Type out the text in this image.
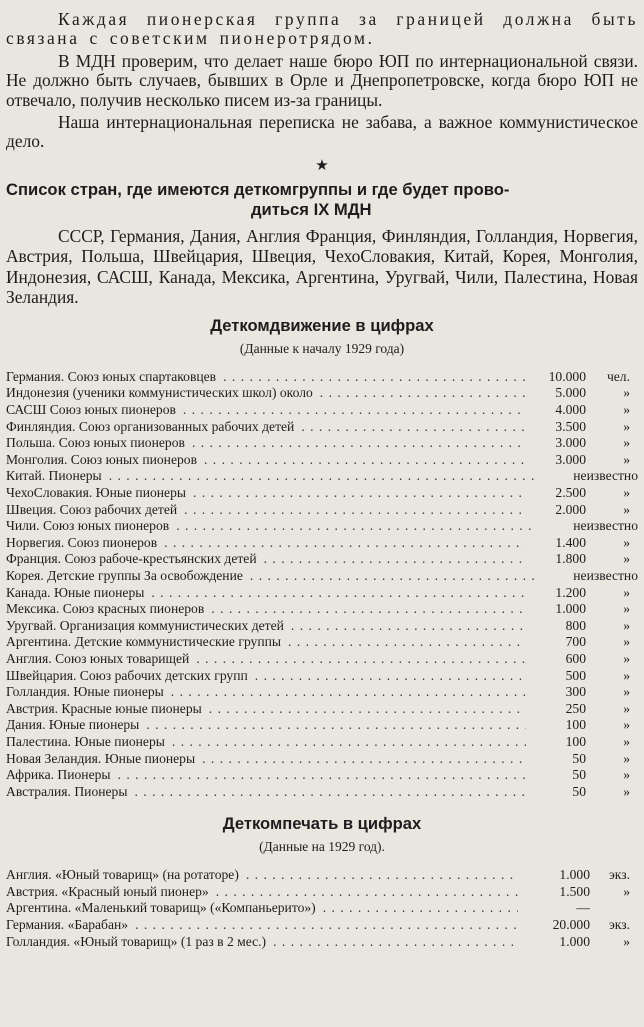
Каждая пионерская группа за границей должна быть связана с советским пионеротрядом.

В МДН проверим, что делает наше бюро ЮП по интернациональной связи. Не должно быть случаев, бывших в Орле и Днепропетровске, когда бюро ЮП не отвечало, получив несколько писем из-за границы.

Наша интернациональная переписка не забава, а важное коммунистическое дело.

★
Список стран, где имеются деткомгруппы и где будет прово-
диться IX МДН

СССР, Германия, Дания, Англия Франция, Финляндия, Голландия, Норвегия, Австрия, Польша, Швейцария, Швеция, ЧехоСловакия, Китай, Корея, Монголия, Индонезия, САСШ, Канада, Мексика, Аргентина, Уругвай, Чили, Палестина, Новая Зеландия.

Деткомдвижение в цифрах
(Данные к началу 1929 года)
Германия. Союз юных спартаковцев . . .	10.000	чел.
Индонезия (ученики коммунистических школ) около . . .	5.000	»
САСШ Союз юных пионеров . . .	4.000	»
Финляндия. Союз организованных рабочих детей . . .	3.500	»
Польша. Союз юных пионеров . . .	3.000	»
Монголия. Союз юных пионеров . . .	3.000	»
Китай. Пионеры . . .	неизвестно
ЧехоСловакия. Юные пионеры . . .	2.500	»
Швеция. Союз рабочих детей . . .	2.000	»
Чили. Союз юных пионеров . . .	неизвестно
Норвегия. Союз пионеров . . .	1.400	»
Франция. Союз рабоче-крестьянских детей . . .	1.800	»
Корея. Детские группы За освобождение . . .	неизвестно
Канада. Юные пионеры . . .	1.200	»
Мексика. Союз красных пионеров . . .	1.000	»
Уругвай. Организация коммунистических детей . . .	800	»
Аргентина. Детские коммунистические группы . . .	700	»
Англия. Союз юных товарищей . . .	600	»
Швейцария. Союз рабочих детских групп . . .	500	»
Голландия. Юные пионеры . . .	300	»
Австрия. Красные юные пионеры . . .	250	»
Дания. Юные пионеры . . .	100	»
Палестина. Юные пионеры . . .	100	»
Новая Зеландия. Юные пионеры . . .	50	»
Африка. Пионеры . . .	50	»
Австралия. Пионеры . . .	50	»
Деткомпечать в цифрах
(Данные на 1929 год).
Англия. «Юный товарищ» (на ротаторе) . . .	1.000	экз.
Австрия. «Красный юный пионер» . . .	1.500	»
Аргентина. «Маленький товарищ» («Компаньерито») . . .	—
Германия. «Барабан» . . .	20.000	экз.
Голландия. «Юный товарищ» (1 раз в 2 мес.) . . .	1.000	»
